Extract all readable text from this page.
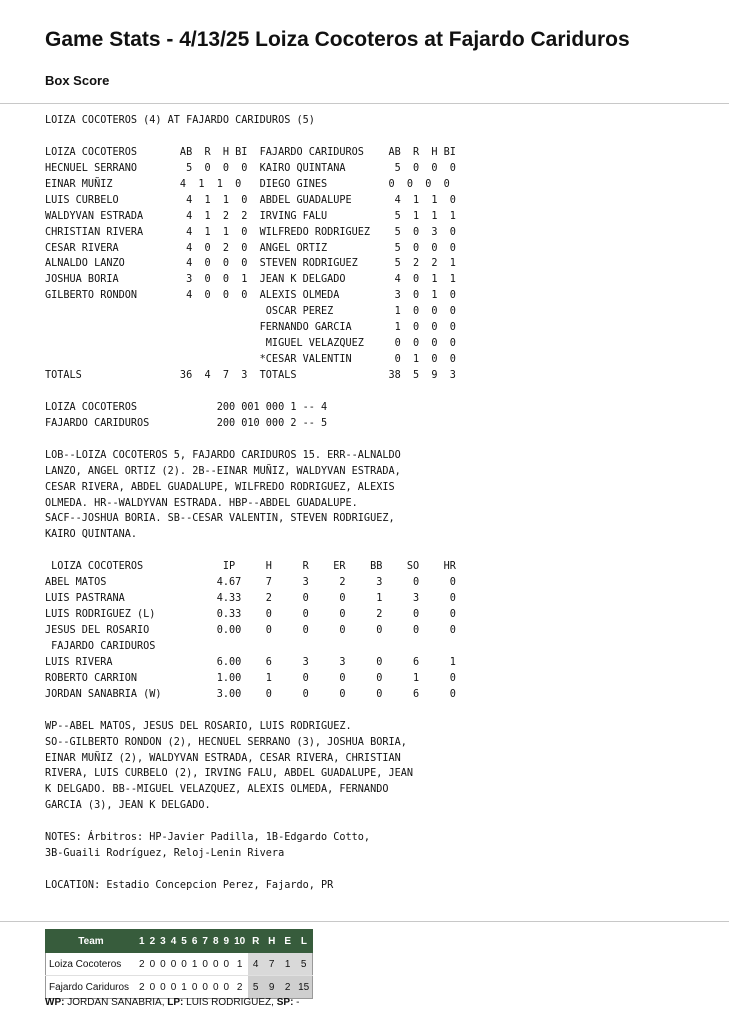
Game Stats - 4/13/25 Loiza Cocoteros at Fajardo Cariduros
Box Score
LOIZA COCOTEROS (4) AT FAJARDO CARIDUROS (5)
LOIZA COCOTEROS       AB  R  H BI  FAJARDO CARIDUROS    AB  R  H BI
HECNUEL SERRANO        5  0  0  0  KAIRO QUINTANA        5  0  0  0
EINAR MUÑIZ           4  1  1  0   DIEGO GINES          0  0  0  0
LUIS CURBELO           4  1  1  0  ABDEL GUADALUPE       4  1  1  0
WALDYVAN ESTRADA       4  1  2  2  IRVING FALU           5  1  1  1
CHRISTIAN RIVERA       4  1  1  0  WILFREDO RODRIGUEZ    5  0  3  0
CESAR RIVERA           4  0  2  0  ANGEL ORTIZ           5  0  0  0
ALNALDO LANZO          4  0  0  0  STEVEN RODRIGUEZ      5  2  2  1
JOSHUA BORIA           3  0  0  1  JEAN K DELGADO        4  0  1  1
GILBERTO RONDON        4  0  0  0  ALEXIS OLMEDA         3  0  1  0
OSCAR PEREZ          1  0  0  0
FERNANDO GARCIA       1  0  0  0
MIGUEL VELAZQUEZ     0  0  0  0
*CESAR VALENTIN       0  1  0  0
TOTALS                36  4  7  3  TOTALS               38  5  9  3
LOIZA COCOTEROS             200 001 000 1 -- 4
FAJARDO CARIDUROS           200 010 000 2 -- 5
LOB--LOIZA COCOTEROS 5, FAJARDO CARIDUROS 15. ERR--ALNALDO
LANZO, ANGEL ORTIZ (2). 2B--EINAR MUÑIZ, WALDYVAN ESTRADA,
CESAR RIVERA, ABDEL GUADALUPE, WILFREDO RODRIGUEZ, ALEXIS
OLMEDA. HR--WALDYVAN ESTRADA. HBP--ABDEL GUADALUPE.
SACF--JOSHUA BORIA. SB--CESAR VALENTIN, STEVEN RODRIGUEZ,
KAIRO QUINTANA.
LOIZA COCOTEROS             IP     H     R    ER    BB    SO    HR
ABEL MATOS                  4.67    7     3     2     3     0     0
LUIS PASTRANA               4.33    2     0     0     1     3     0
LUIS RODRIGUEZ (L)          0.33    0     0     0     2     0     0
JESUS DEL ROSARIO           0.00    0     0     0     0     0     0
FAJARDO CARIDUROS
LUIS RIVERA                 6.00    6     3     3     0     6     1
ROBERTO CARRION             1.00    1     0     0     0     1     0
JORDAN SANABRIA (W)         3.00    0     0     0     0     6     0
WP--ABEL MATOS, JESUS DEL ROSARIO, LUIS RODRIGUEZ.
SO--GILBERTO RONDON (2), HECNUEL SERRANO (3), JOSHUA BORIA,
EINAR MUÑIZ (2), WALDYVAN ESTRADA, CESAR RIVERA, CHRISTIAN
RIVERA, LUIS CURBELO (2), IRVING FALU, ABDEL GUADALUPE, JEAN
K DELGADO. BB--MIGUEL VELAZQUEZ, ALEXIS OLMEDA, FERNANDO
GARCIA (3), JEAN K DELGADO.
NOTES: Árbitros: HP-Javier Padilla, 1B-Edgardo Cotto,
3B-Guaili Rodríguez, Reloj-Lenin Rivera
LOCATION: Estadio Concepcion Perez, Fajardo, PR
Team	1	2	3	4	5	6	7	8	9	10	R	H	E	L
Loiza Cocoteros	2	0	0	0	0	1	0	0	0	1	4	7	1	5
Fajardo Cariduros	2	0	0	0	1	0	0	0	0	2	5	9	2	15
WP: JORDAN SANABRIA, LP: LUIS RODRIGUEZ, SP: -
